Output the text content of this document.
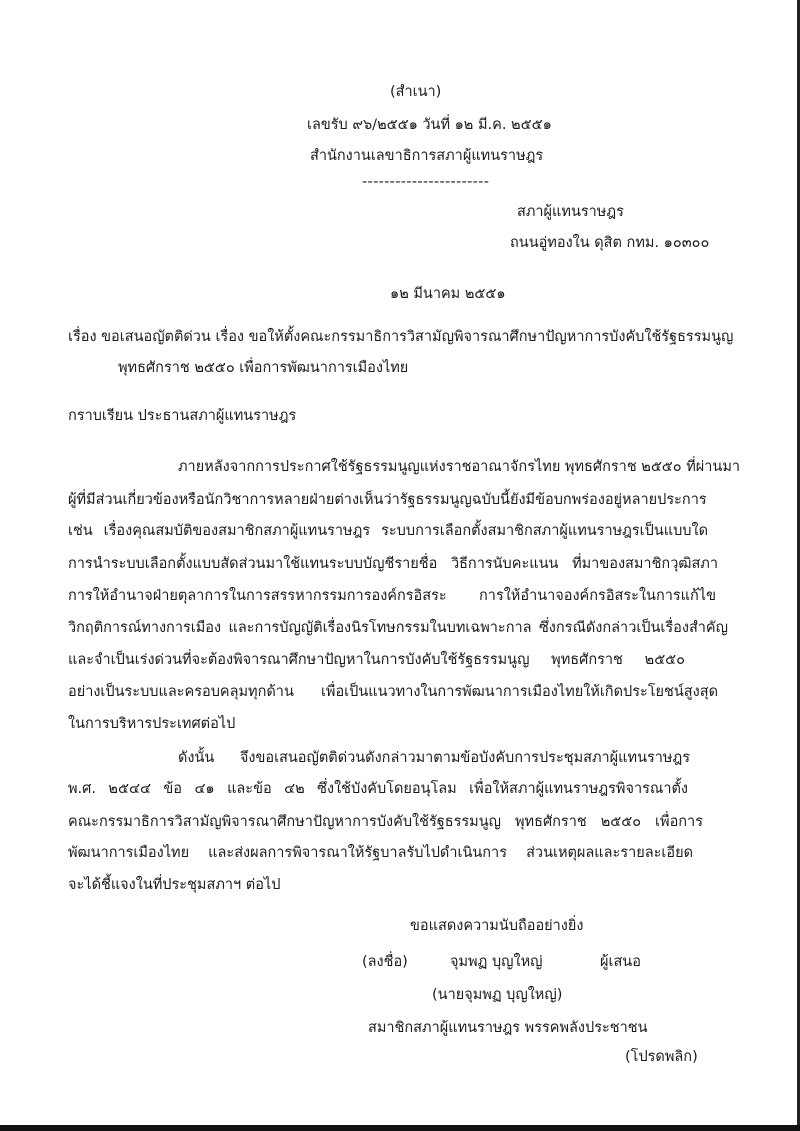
(สำเนา)
เลขรับ ๙๖/๒๕๕๑ วันที่ ๑๒ มี.ค. ๒๕๕๑
สำนักงานเลขาธิการสภาผู้แทนราษฎร
-----------------------
สภาผู้แทนราษฎร
ถนนอู่ทองใน ดุสิต กทม. ๑๐๓๐๐
๑๒ มีนาคม ๒๕๕๑
เรื่อง ขอเสนอญัตติด่วน เรื่อง ขอให้ตั้งคณะกรรมาธิการวิสามัญพิจารณาศึกษาปัญหาการบังคับใช้รัฐธรรมนูญ
พุทธศักราช ๒๕๕๐ เพื่อการพัฒนาการเมืองไทย
กราบเรียน ประธานสภาผู้แทนราษฎร
ภายหลังจากการประกาศใช้รัฐธรรมนูญแห่งราชอาณาจักรไทย พุทธศักราช ๒๕๕๐ ที่ผ่านมา
ผู้ที่มีส่วนเกี่ยวข้องหรือนักวิชาการหลายฝ่ายต่างเห็นว่ารัฐธรรมนูญฉบับนี้ยังมีข้อบกพร่องอยู่หลายประการ
เช่น เรื่องคุณสมบัติของสมาชิกสภาผู้แทนราษฎร ระบบการเลือกตั้งสมาชิกสภาผู้แทนราษฎรเป็นแบบใด
การนำระบบเลือกตั้งแบบสัดส่วนมาใช้แทนระบบบัญชีรายชื่อ วิธีการนับคะแนน ที่มาของสมาชิกวุฒิสภา
การให้อำนาจฝ่ายตุลาการในการสรรหากรรมการองค์กรอิสระ การให้อำนาจองค์กรอิสระในการแก้ไข
วิกฤติการณ์ทางการเมือง และการบัญญัติเรื่องนิรโทษกรรมในบทเฉพาะกาล ซึ่งกรณีดังกล่าวเป็นเรื่องสำคัญ
และจำเป็นเร่งด่วนที่จะต้องพิจารณาศึกษาปัญหาในการบังคับใช้รัฐธรรมนูญ พุทธศักราช ๒๕๕๐
อย่างเป็นระบบและครอบคลุมทุกด้าน เพื่อเป็นแนวทางในการพัฒนาการเมืองไทยให้เกิดประโยชน์สูงสุด
ในการบริหารประเทศต่อไป
ดังนั้น จึงขอเสนอญัตติด่วนดังกล่าวมาตามข้อบังคับการประชุมสภาผู้แทนราษฎร
พ.ศ. ๒๕๔๔ ข้อ ๔๑ และข้อ ๔๒ ซึ่งใช้บังคับโดยอนุโลม เพื่อให้สภาผู้แทนราษฎรพิจารณาตั้ง
คณะกรรมาธิการวิสามัญพิจารณาศึกษาปัญหาการบังคับใช้รัฐธรรมนูญ พุทธศักราช ๒๕๕๐ เพื่อการ
พัฒนาการเมืองไทย และส่งผลการพิจารณาให้รัฐบาลรับไปดำเนินการ ส่วนเหตุผลและรายละเอียด
จะได้ชี้แจงในที่ประชุมสภาฯ ต่อไป
ขอแสดงความนับถืออย่างยิ่ง
(ลงชื่อ)	จุมพฏ บุญใหญ่	ผู้เสนอ
(นายจุมพฏ บุญใหญ่)
สมาชิกสภาผู้แทนราษฎร พรรคพลังประชาชน
(โปรดพลิก)
